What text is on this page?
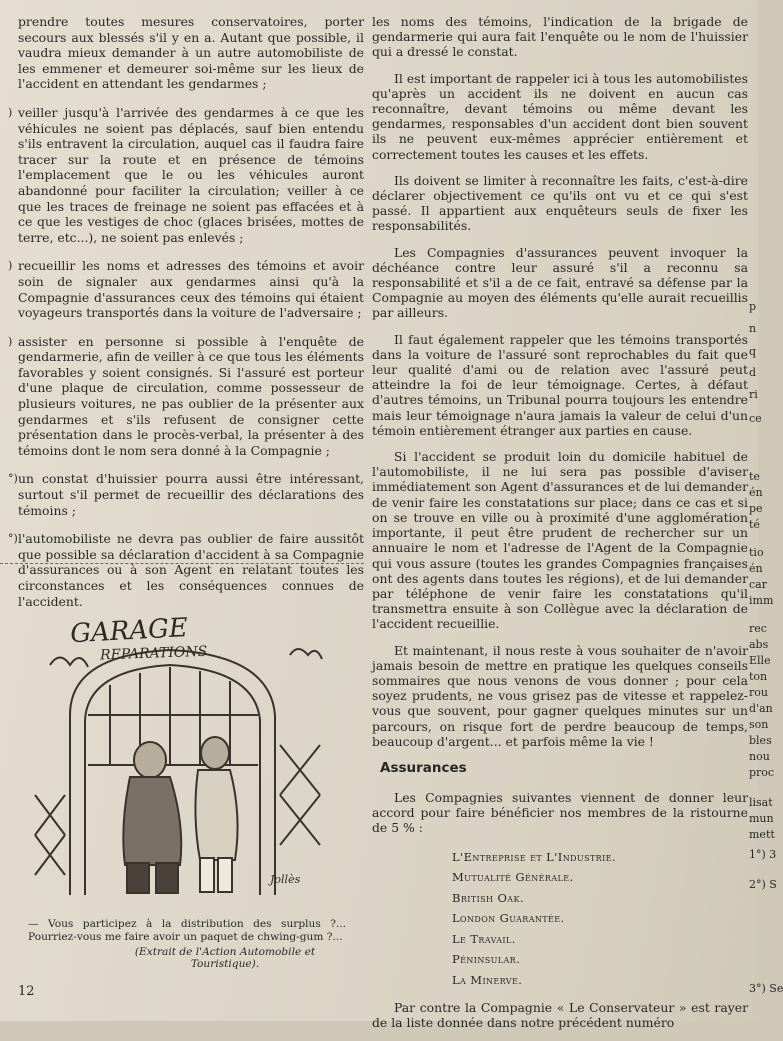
prendre toutes mesures conservatoires, porter secours aux blessés s'il y en a. Autant que possible, il vaudra mieux demander à un autre automobiliste de les emmener et demeurer soi-même sur les lieux de l'accident en attendant les gendarmes ;
) veiller jusqu'à l'arrivée des gendarmes à ce que les véhicules ne soient pas déplacés, sauf bien entendu s'ils entravent la circulation, auquel cas il faudra faire tracer sur la route et en présence de témoins l'emplacement que le ou les véhicules auront abandonné pour faciliter la circulation; veiller à ce que les traces de freinage ne soient pas effacées et à ce que les vestiges de choc (glaces brisées, mottes de terre, etc...), ne soient pas enlevés ;
) recueillir les noms et adresses des témoins et avoir soin de signaler aux gendarmes ainsi qu'à la Compagnie d'assurances ceux des témoins qui étaient voyageurs transportés dans la voiture de l'adversaire ;
) assister en personne si possible à l'enquête de gendarmerie, afin de veiller à ce que tous les éléments favorables y soient consignés. Si l'assuré est porteur d'une plaque de circulation, comme possesseur de plusieurs voitures, ne pas oublier de la présenter aux gendarmes et s'ils refusent de consigner cette présentation dans le procès-verbal, la présenter à des témoins dont le nom sera donné à la Compagnie ;
°) un constat d'huissier pourra aussi être intéressant, surtout s'il permet de recueillir des déclarations des témoins ;
°) l'automobiliste ne devra pas oublier de faire aussitôt que possible sa déclaration d'accident à sa Compagnie d'assurances ou à son Agent en relatant toutes les circonstances et les conséquences connues de l'accident.
GARAGE
REPARATIONS
Jollès
— Vous participez à la distribution des surplus ?... Pourriez-vous me faire avoir un paquet de chwing-gum ?...
(Extrait de l'Action Automobile et Touristique).
12

les noms des témoins, l'indication de la brigade de gendarmerie qui aura fait l'enquête ou le nom de l'huissier qui a dressé le constat.

Il est important de rappeler ici à tous les automobilistes qu'après un accident ils ne doivent en aucun cas reconnaître, devant témoins ou même devant les gendarmes, responsables d'un accident dont bien souvent ils ne peuvent eux-mêmes apprécier entièrement et correctement toutes les causes et les effets.

Ils doivent se limiter à reconnaître les faits, c'est-à-dire déclarer objectivement ce qu'ils ont vu et ce qui s'est passé. Il appartient aux enquêteurs seuls de fixer les responsabilités.

Les Compagnies d'assurances peuvent invoquer la déchéance contre leur assuré s'il a reconnu sa responsabilité et s'il a de ce fait, entravé sa défense par la Compagnie au moyen des éléments qu'elle aurait recueillis par ailleurs.

Il faut également rappeler que les témoins transportés dans la voiture de l'assuré sont reprochables du fait que leur qualité d'ami ou de relation avec l'assuré peut atteindre la foi de leur témoignage. Certes, à défaut d'autres témoins, un Tribunal pourra toujours les entendre mais leur témoignage n'aura jamais la valeur de celui d'un témoin entièrement étranger aux parties en cause.

Si l'accident se produit loin du domicile habituel de l'automobiliste, il ne lui sera pas possible d'aviser immédiatement son Agent d'assurances et de lui demander de venir faire les constatations sur place; dans ce cas et si on se trouve en ville ou à proximité d'une agglomération importante, il peut être prudent de rechercher sur un annuaire le nom et l'adresse de l'Agent de la Compagnie qui vous assure (toutes les grandes Compagnies françaises ont des agents dans toutes les régions), et de lui demander par téléphone de venir faire les constatations qu'il transmettra ensuite à son Collègue avec la déclaration de l'accident recueillie.

Et maintenant, il nous reste à vous souhaiter de n'avoir jamais besoin de mettre en pratique les quelques conseils sommaires que nous venons de vous donner ; pour cela soyez prudents, ne vous grisez pas de vitesse et rappelez-vous que souvent, pour gagner quelques minutes sur un parcours, on risque fort de perdre beaucoup de temps, beaucoup d'argent... et parfois même la vie !

Assurances

Les Compagnies suivantes viennent de donner leur accord pour faire bénéficier nos membres de la ristourne de 5 % :

L'Entreprise et L'Industrie.
Mutualité Générale.
British Oak.
London Guarantée.
Le Travail.
Péninsular.
La Minerve.

Par contre la Compagnie « Le Conservateur » est rayer de la liste donnée dans notre précédent numéro

p
n
q
d
ri
ce
te
én
pe
té
tio
én
car
imm
rec
abs
Elle
ton
rou
d'an
son
bles
nou
proc
lisat
mun
mett
1°) 3
2°) S
3°) Se
